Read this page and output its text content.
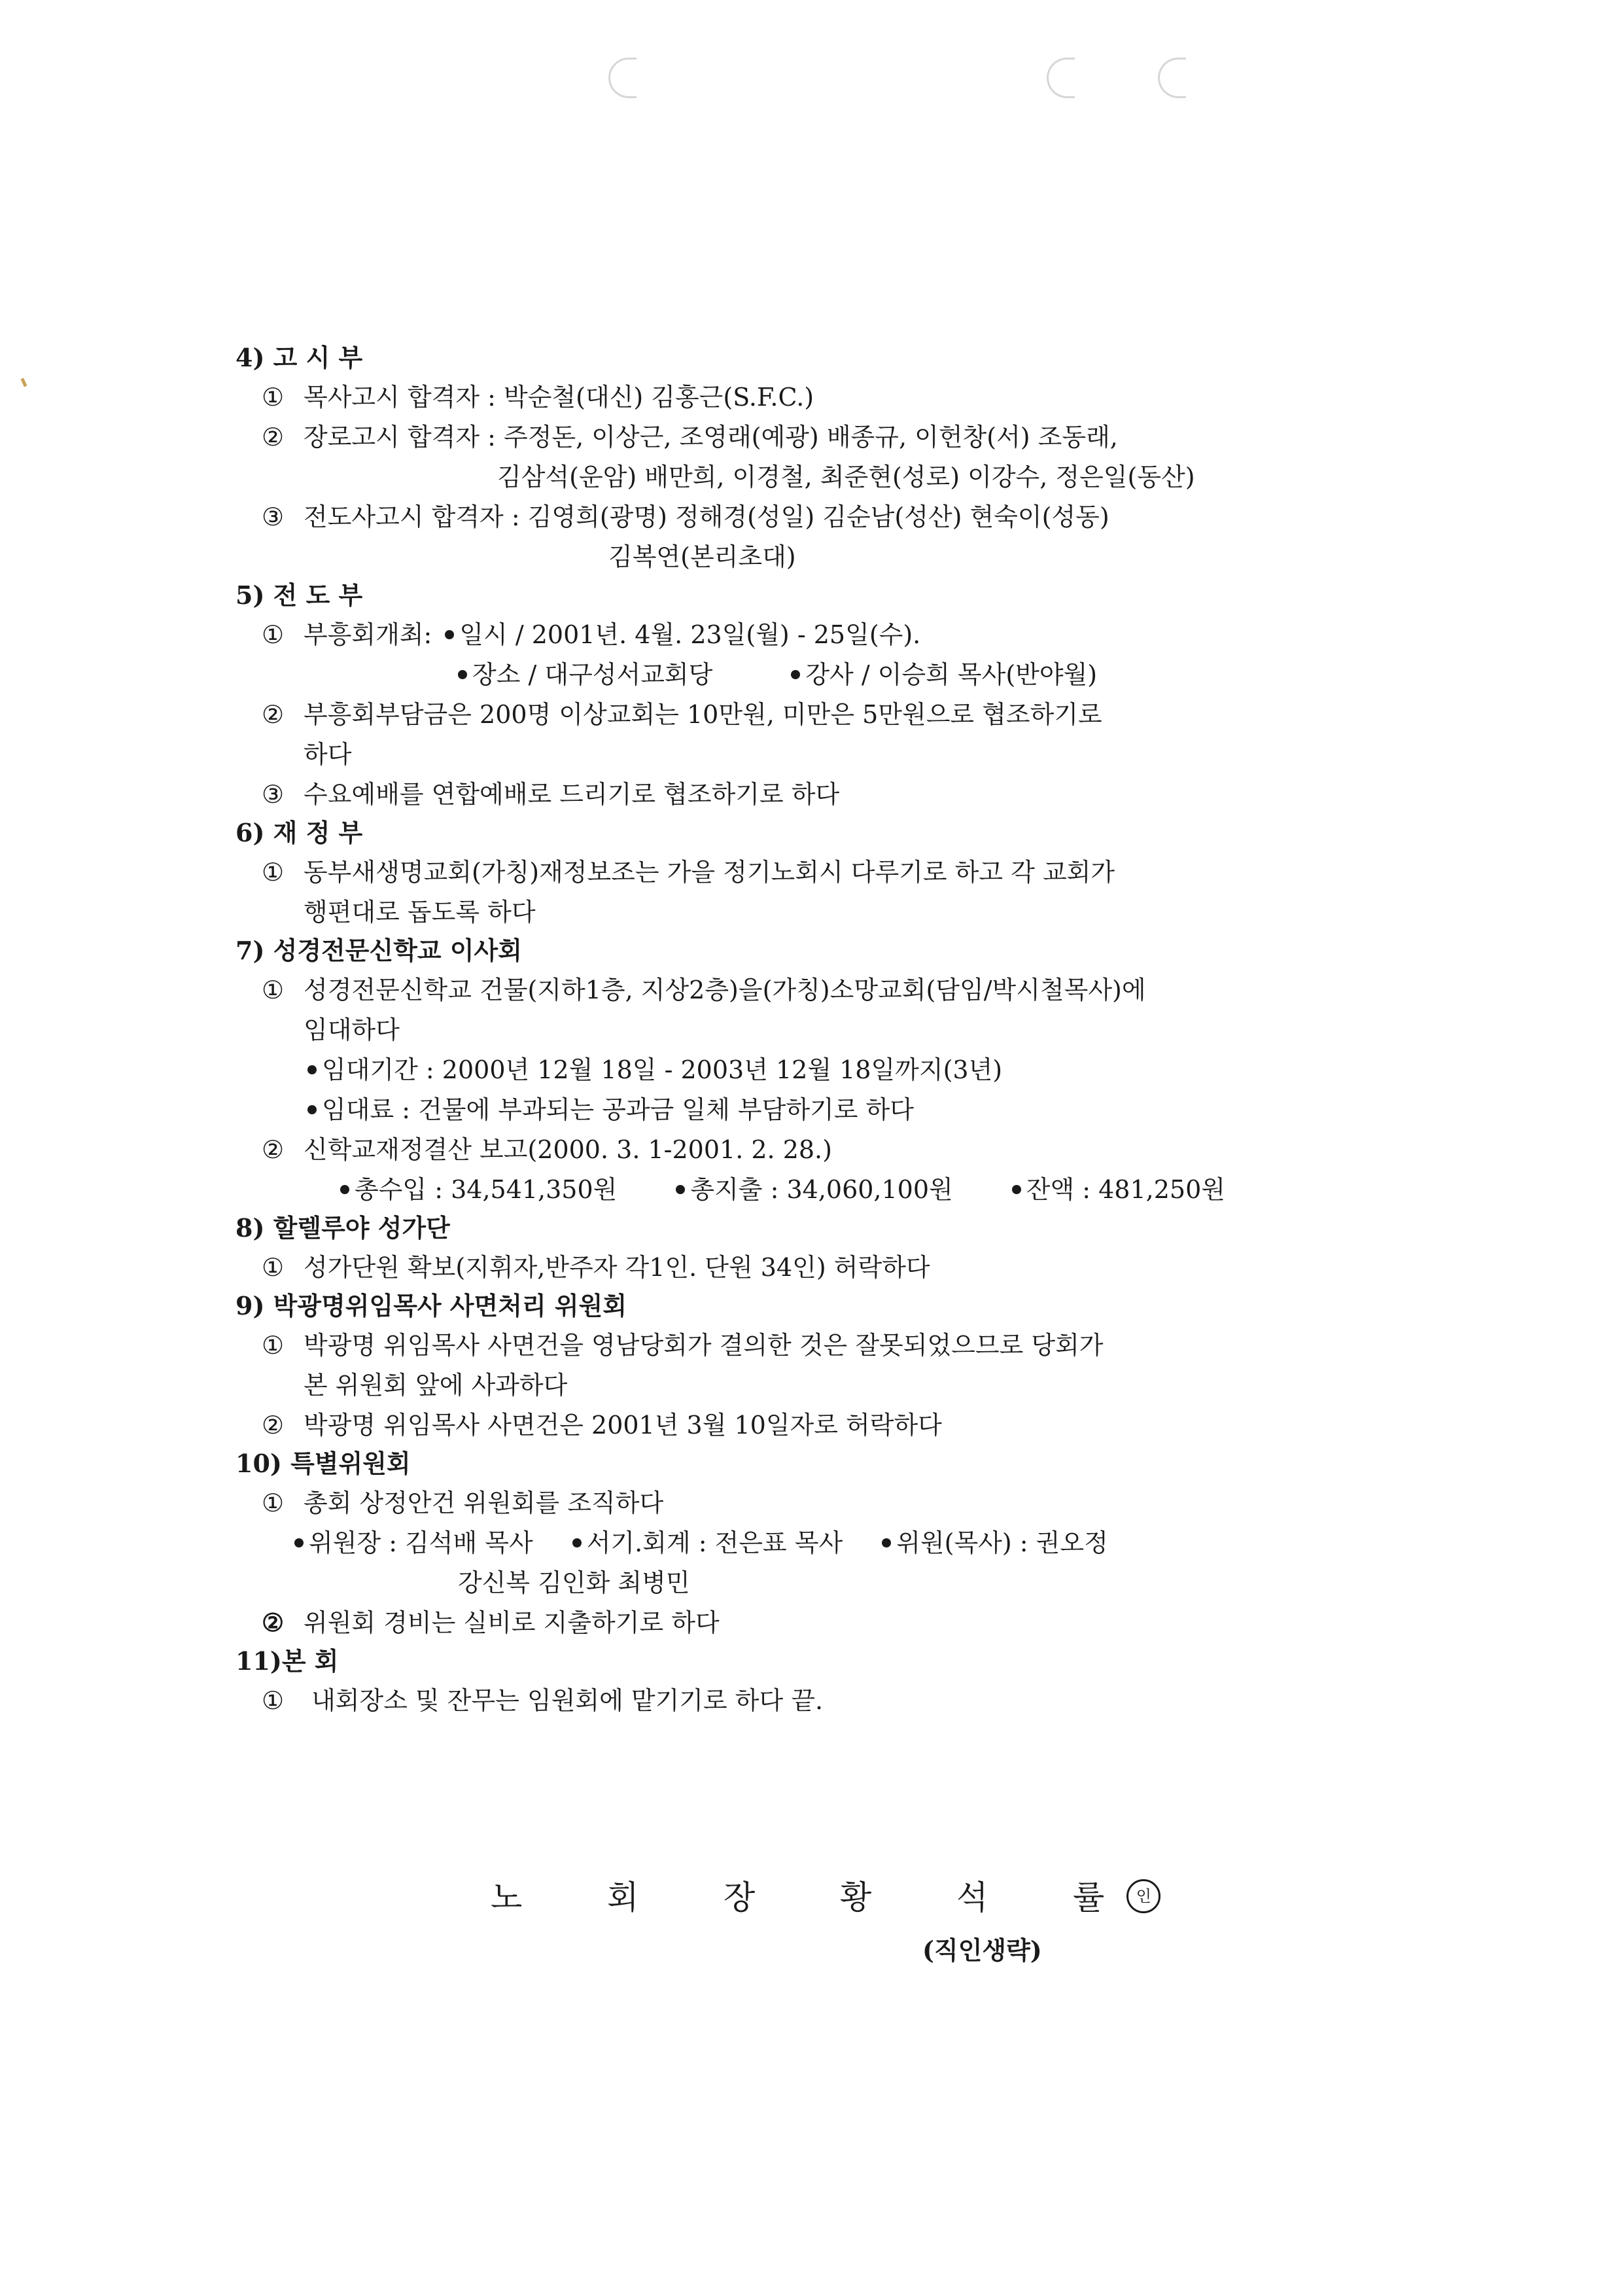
4) 고 시 부
① 목사고시 합격자 : 박순철(대신) 김홍근(S.F.C.)
② 장로고시 합격자 : 주정돈, 이상근, 조영래(예광) 배종규, 이헌창(서) 조동래,
김삼석(운암) 배만희, 이경철, 최준현(성로) 이강수, 정은일(동산)
③ 전도사고시 합격자 : 김영희(광명) 정해경(성일) 김순남(성산) 현숙이(성동)
김복연(본리초대)
5) 전 도 부
① 부흥회개최: 일시 / 2001년. 4월. 23일(월) - 25일(수).
장소 / 대구성서교회당	강사 / 이승희 목사(반야월)
② 부흥회부담금은 200명 이상교회는 10만원, 미만은 5만원으로 협조하기로
하다
③ 수요예배를 연합예배로 드리기로 협조하기로 하다
6) 재 정 부
① 동부새생명교회(가칭)재정보조는 가을 정기노회시 다루기로 하고 각 교회가
행편대로 돕도록 하다
7) 성경전문신학교 이사회
① 성경전문신학교 건물(지하1층, 지상2층)을(가칭)소망교회(담임/박시철목사)에
임대하다
임대기간 : 2000년 12월 18일 - 2003년 12월 18일까지(3년)
임대료 : 건물에 부과되는 공과금 일체 부담하기로 하다
② 신학교재정결산 보고(2000. 3. 1-2001. 2. 28.)
총수입 : 34,541,350원	총지출 : 34,060,100원	잔액 : 481,250원
8) 할렐루야 성가단
① 성가단원 확보(지휘자,반주자 각1인. 단원 34인) 허락하다
9) 박광명위임목사 사면처리 위원회
① 박광명 위임목사 사면건을 영남당회가 결의한 것은 잘못되었으므로 당회가
본 위원회 앞에 사과하다
② 박광명 위임목사 사면건은 2001년 3월 10일자로 허락하다
10) 특별위원회
① 총회 상정안건 위원회를 조직하다
위원장 : 김석배 목사 서기.회계 : 전은표 목사 위원(목사) : 권오정
강신복 김인화 최병민
② 위원회 경비는 실비로 지출하기로 하다
11)본 회
① 내회장소 및 잔무는 임원회에 맡기기로 하다 끝.
노	회	장	황	석	률 인
(직인생략)
